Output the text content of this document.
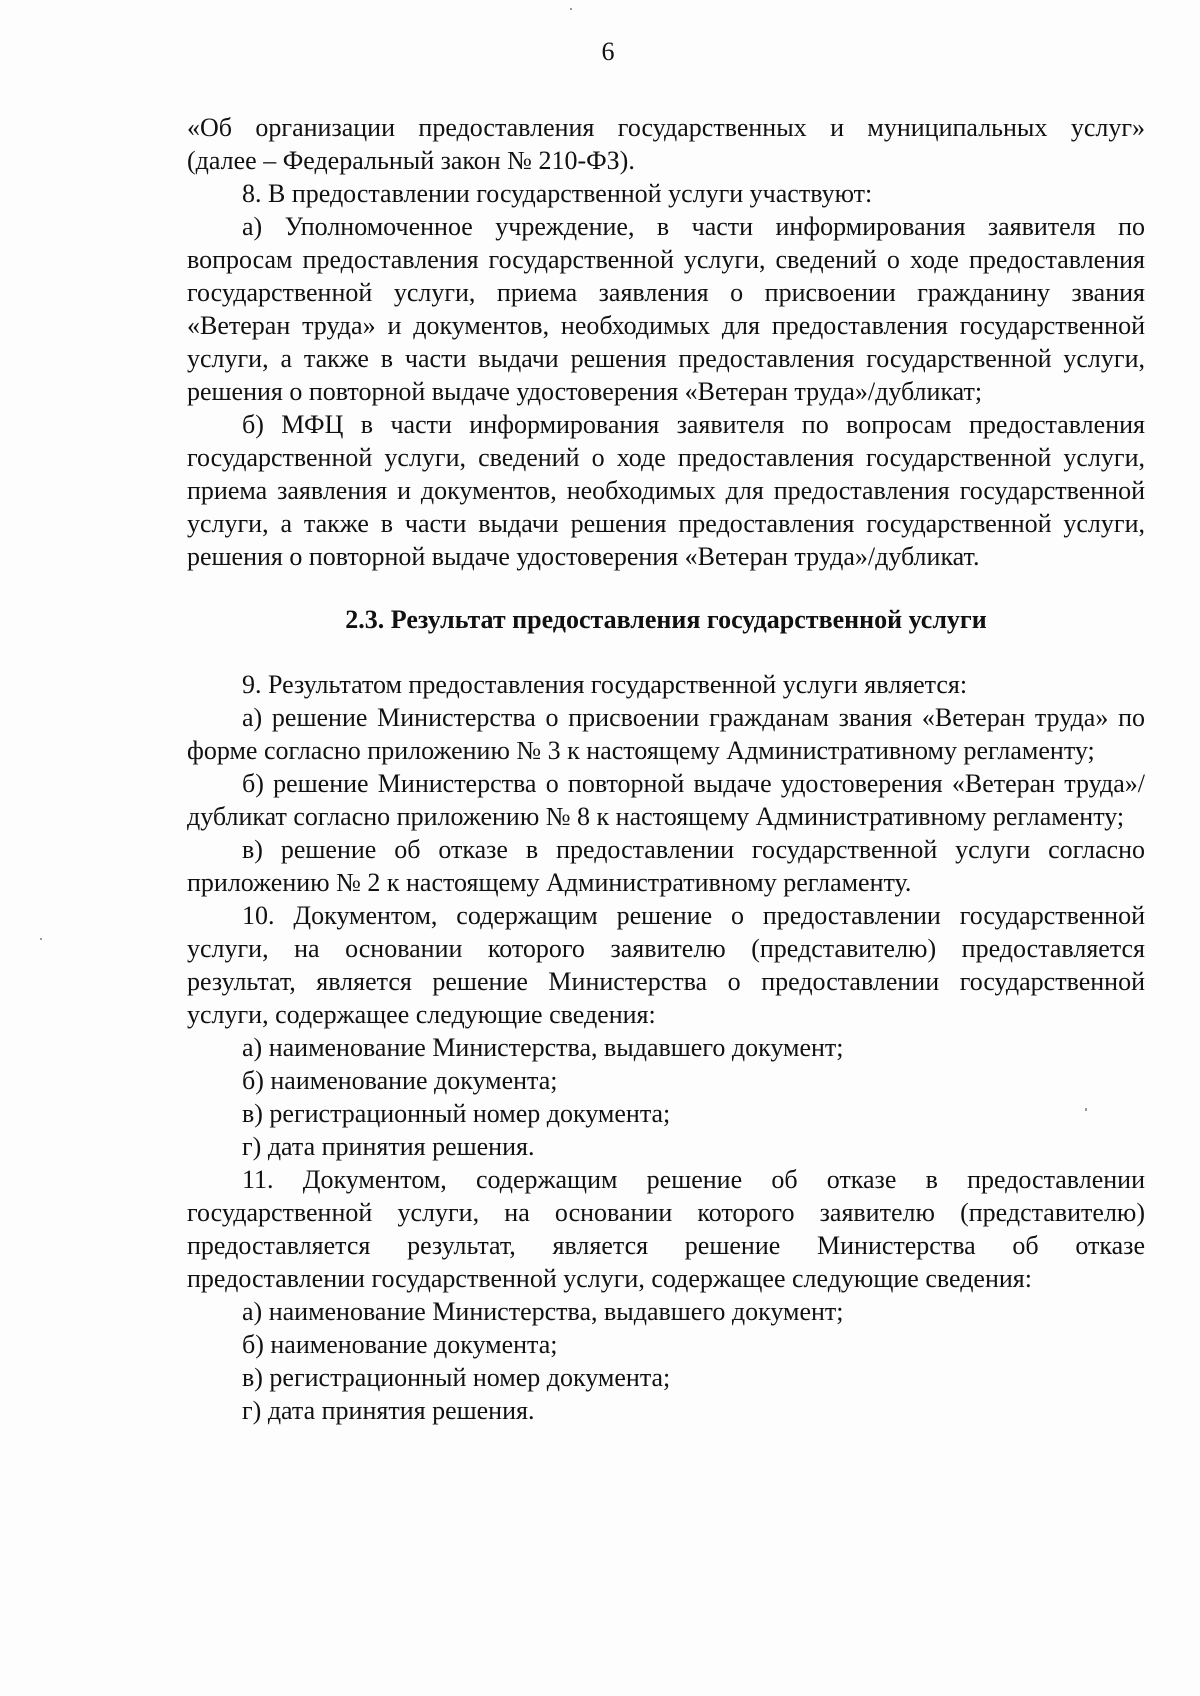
6

«Об организации предоставления государственных и муниципальных услуг»

(далее – Федеральный закон № 210-ФЗ).

8. В предоставлении государственной услуги участвуют:

а) Уполномоченное учреждение, в части информирования заявителя по вопросам предоставления государственной услуги, сведений о ходе предоставления государственной услуги, приема заявления о присвоении гражданину звания «Ветеран труда» и документов, необходимых для предоставления государственной услуги, а также в части выдачи решения предоставления государственной услуги, решения о повторной выдаче удостоверения «Ветеран труда»/дубликат;

б) МФЦ в части информирования заявителя по вопросам предоставления государственной услуги, сведений о ходе предоставления государственной услуги, приема заявления и документов, необходимых для предоставления государственной услуги, а также в части выдачи решения предоставления государственной услуги, решения о повторной выдаче удостоверения «Ветеран труда»/дубликат.

2.3. Результат предоставления государственной услуги

9. Результатом предоставления государственной услуги является:

а) решение Министерства о присвоении гражданам звания «Ветеран труда» по форме согласно приложению № 3 к настоящему Административному регламенту;

б) решение Министерства о повторной выдаче удостоверения «Ветеран труда»/дубликат согласно приложению № 8 к настоящему Административному регламенту;

в) решение об отказе в предоставлении государственной услуги согласно приложению № 2 к настоящему Административному регламенту.

10. Документом, содержащим решение о предоставлении государственной услуги, на основании которого заявителю (представителю) предоставляется результат, является решение Министерства о предоставлении государственной услуги, содержащее следующие сведения:

а) наименование Министерства, выдавшего документ;

б) наименование документа;

в) регистрационный номер документа;

г) дата принятия решения.

11. Документом, содержащим решение об отказе в предоставлении государственной услуги, на основании которого заявителю (представителю) предоставляется результат, является решение Министерства об отказе предоставлении государственной услуги, содержащее следующие сведения:

а) наименование Министерства, выдавшего документ;

б) наименование документа;

в) регистрационный номер документа;

г) дата принятия решения.
